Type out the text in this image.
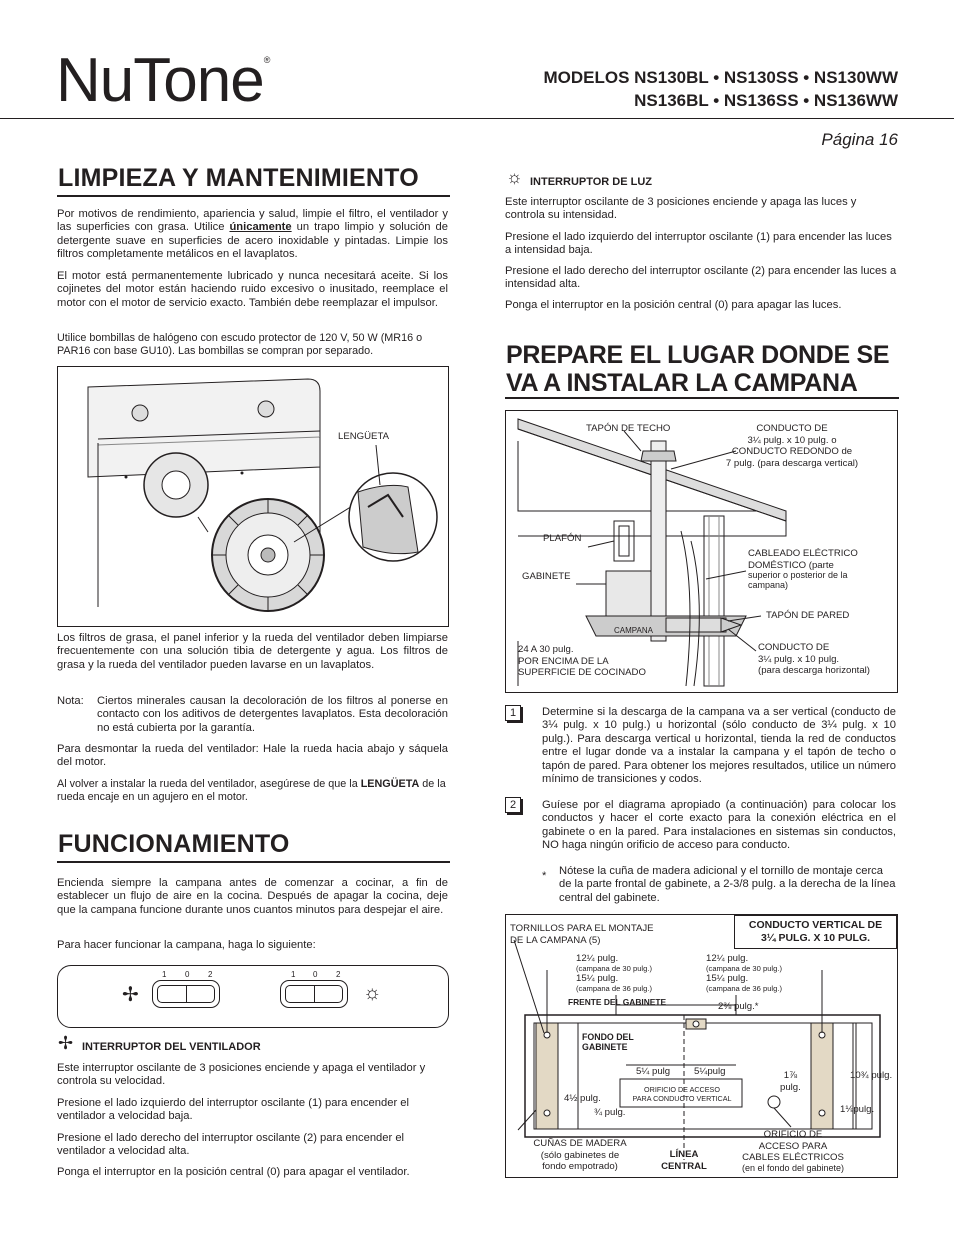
NuTone®
MODELOS NS130BL • NS130SS • NS130WW
NS136BL • NS136SS • NS136WW
Página 16
LIMPIEZA Y MANTENIMIENTO
Por motivos de rendimiento, apariencia y salud, limpie el filtro, el ventilador y las superficies con grasa. Utilice únicamente un trapo limpio y solución de detergente suave en superficies de acero inoxidable y pintadas. Limpie los filtros completamente metálicos en el lavaplatos.
El motor está permanentemente lubricado y nunca necesitará aceite. Si los cojinetes del motor están haciendo ruido excesivo o inusitado, reemplace el motor con el motor de servicio exacto. También debe reemplazar el impulsor.
Utilice bombillas de halógeno con escudo protector de 120 V, 50 W (MR16 o PAR16 con base GU10). Las bombillas se compran por separado.
LENGÜETA
Los filtros de grasa, el panel inferior y la rueda del ventilador deben limpiarse frecuentemente con una solución tibia de detergente y agua. Los filtros de grasa y la rueda del ventilador pueden lavarse en un lavaplatos.
Nota:	Ciertos minerales causan la decoloración de los filtros al ponerse en contacto con los aditivos de detergentes lavaplatos. Esta decoloración no está cubierta por la garantía.
Para desmontar la rueda del ventilador: Hale la rueda hacia abajo y sáquela del motor.
Al volver a instalar la rueda del ventilador, asegúrese de que la LENGÜETA de la rueda encaje en un agujero en el motor.
FUNCIONAMIENTO
Encienda siempre la campana antes de comenzar a cocinar, a fin de establecer un flujo de aire en la cocina. Después de apagar la cocina, deje que la campana funcione durante unos cuantos minutos para despejar el aire.
Para hacer funcionar la campana, haga lo siguiente:
1 0 2
✢
1 0 2
☼
✢ INTERRUPTOR DEL VENTILADOR
Este interruptor oscilante de 3 posiciones enciende y apaga el ventilador y controla su velocidad.
Presione el lado izquierdo del interruptor oscilante (1) para encender el ventilador a velocidad baja.
Presione el lado derecho del interruptor oscilante (2) para encender el ventilador a velocidad alta.
Ponga el interruptor en la posición central (0) para apagar el ventilador.
☼ INTERRUPTOR DE LUZ
Este interruptor oscilante de 3 posiciones enciende y apaga las luces y controla su intensidad.
Presione el lado izquierdo del interruptor oscilante (1) para encender las luces a intensidad baja.
Presione el lado derecho del interruptor oscilante (2) para encender las luces a intensidad alta.
Ponga el interruptor en la posición central (0) para apagar las luces.
PREPARE EL LUGAR DONDE SE
VA A INSTALAR LA CAMPANA
TAPÓN DE TECHO	CONDUCTO DE
3¼ pulg. x 10 pulg. o
CONDUCTO REDONDO de
7 pulg. (para descarga vertical)
PLAFÓN
GABINETE
CABLEADO ELÉCTRICO
DOMÉSTICO (parte
superior o posterior de la
campana)
TAPÓN DE PARED
CAMPANA
24 A 30 pulg.
POR ENCIMA DE LA
SUPERFICIE DE COCINADO
CONDUCTO DE
3¼ pulg. x 10 pulg.
(para descarga horizontal)
1	Determine si la descarga de la campana va a ser vertical (conducto de 3¼ pulg. x 10 pulg.) u horizontal (sólo conducto de 3¼ pulg. x 10 pulg.). Para descarga vertical u horizontal, tienda la red de conductos entre el lugar donde va a instalar la campana y el tapón de techo o tapón de pared. Para obtener los mejores resultados, utilice un número mínimo de transiciones y codos.
2	Guíese por el diagrama apropiado (a continuación) para colocar los conductos y hacer el corte exacto para la conexión eléctrica en el gabinete o en la pared. Para instalaciones en sistemas sin conductos, NO haga ningún orificio de acceso para conducto.
* Nótese la cuña de madera adicional y el tornillo de montaje cerca de la parte frontal de gabinete, a 2-3/8 pulg. a la derecha de la línea central del gabinete.
TORNILLOS PARA EL MONTAJE
DE LA CAMPANA (5)
CONDUCTO VERTICAL DE
3¼ PULG. X 10 PULG.
12¼ pulg.
(campana de 30 pulg.)
15¼ pulg.
(campana de 36 pulg.)
12¼ pulg.
(campana de 30 pulg.)
15¼ pulg.
(campana de 36 pulg.)
FRENTE DEL GABINETE	2⅜ pulg.*
FONDO DEL
GABINETE
5¼ pulg 5¼pulg
ORIFICIO DE ACCESO
PARA CONDUCTO VERTICAL
1⅞
pulg.
10¾ pulg.
4½ pulg.
¾ pulg.	1⅛pulg.
CUÑAS DE MADERA
(sólo gabinetes de
fondo empotrado)
LÍNEA
CENTRAL
ORIFICIO DE
ACCESO PARA
CABLES ELÉCTRICOS
(en el fondo del gabinete)
